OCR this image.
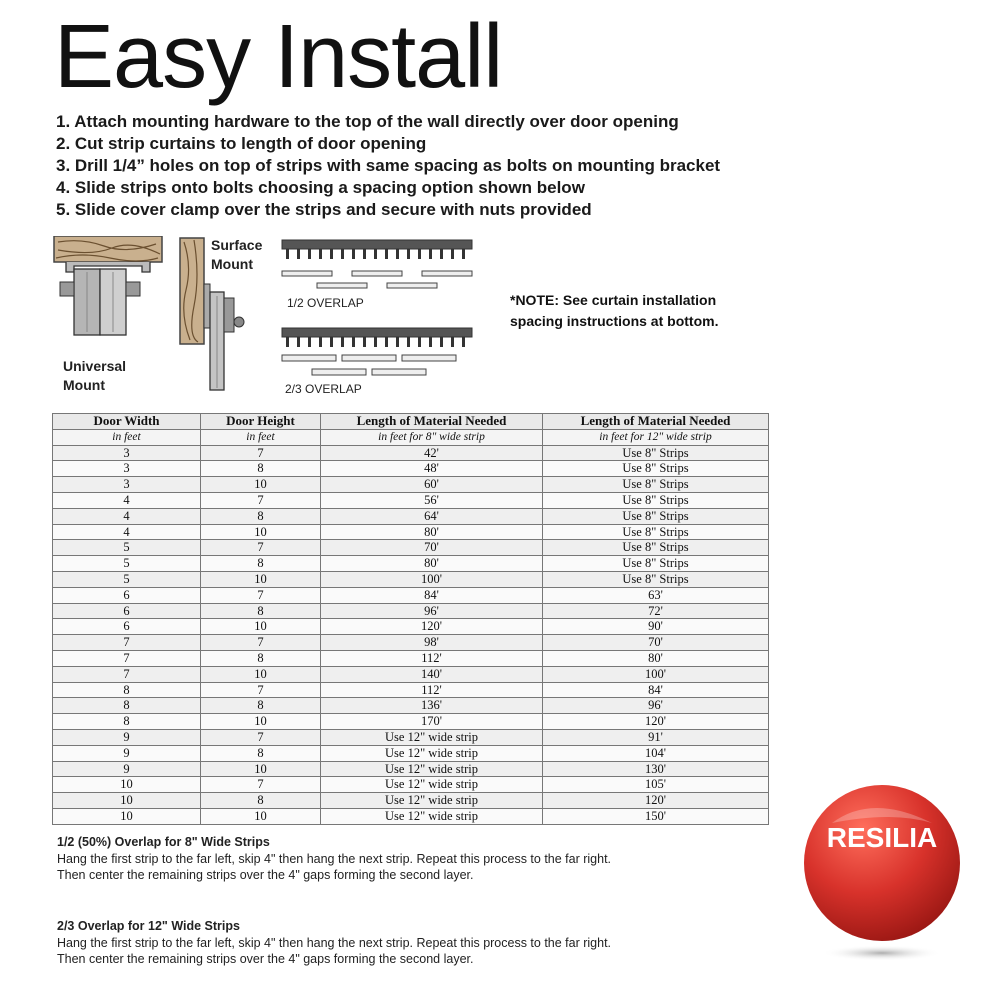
Easy Install
1. Attach mounting hardware to the top of the wall directly over door opening
2. Cut strip curtains to length of door opening
3. Drill 1/4” holes on top of strips with same spacing as bolts on mounting bracket
4. Slide strips onto bolts choosing a spacing option shown below
5. Slide cover clamp over the strips and secure with nuts provided
Universal
Mount
Surface
Mount
1/2 OVERLAP
2/3 OVERLAP
*NOTE: See curtain installation
spacing instructions at bottom.
Door Width	Door Height	Length of Material Needed	Length of Material Needed
in feet	in feet	in feet for 8" wide strip	in feet for 12" wide strip
3	7	42'	Use 8" Strips
3	8	48'	Use 8" Strips
3	10	60'	Use 8" Strips
4	7	56'	Use 8" Strips
4	8	64'	Use 8" Strips
4	10	80'	Use 8" Strips
5	7	70'	Use 8" Strips
5	8	80'	Use 8" Strips
5	10	100'	Use 8" Strips
6	7	84'	63'
6	8	96'	72'
6	10	120'	90'
7	7	98'	70'
7	8	112'	80'
7	10	140'	100'
8	7	112'	84'
8	8	136'	96'
8	10	170'	120'
9	7	Use 12" wide strip	91'
9	8	Use 12" wide strip	104'
9	10	Use 12" wide strip	130'
10	7	Use 12" wide strip	105'
10	8	Use 12" wide strip	120'
10	10	Use 12" wide strip	150'
1/2 (50%) Overlap for 8" Wide Strips
Hang the first strip to the far left, skip 4" then hang the next strip. Repeat this process to the far right. Then center the remaining strips over the 4" gaps forming the second layer.
2/3 Overlap for 12" Wide Strips
Hang the first strip to the far left, skip 4" then hang the next strip. Repeat this process to the far right. Then center the remaining strips over the 4" gaps forming the second layer.
RESILIA
